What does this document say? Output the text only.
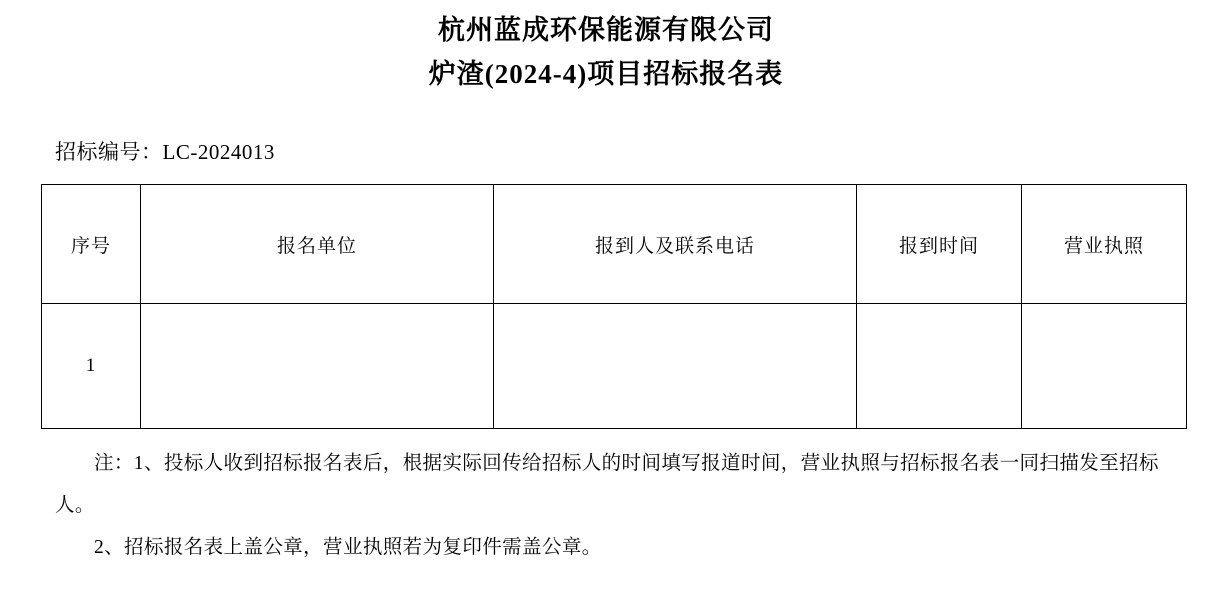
杭州蓝成环保能源有限公司
炉渣(2024-4)项目招标报名表
招标编号：LC-2024013
序号	报名单位	报到人及联系电话	报到时间	营业执照
1				

注：1、投标人收到招标报名表后，根据实际回传给招标人的时间填写报道时间，营业执照与招标报名表一同扫描发至招标人。

2、招标报名表上盖公章，营业执照若为复印件需盖公章。
